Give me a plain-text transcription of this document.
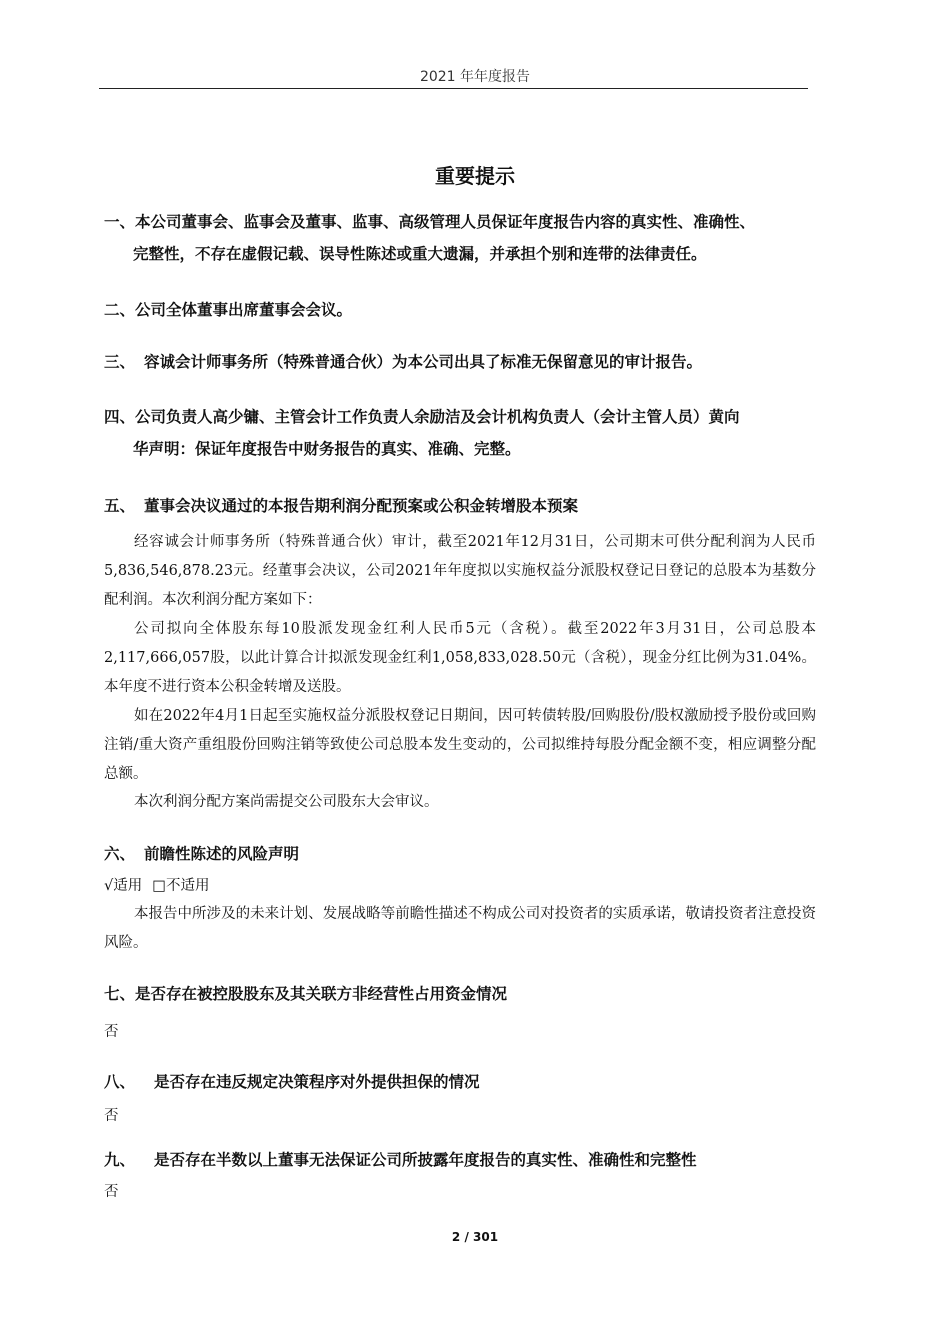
2021 年年度报告
重要提示
一、本公司董事会、监事会及董事、监事、高级管理人员保证年度报告内容的真实性、准确性、
完整性，不存在虚假记载、误导性陈述或重大遗漏，并承担个别和连带的法律责任。
二、公司全体董事出席董事会会议。
三、 容诚会计师事务所（特殊普通合伙）为本公司出具了标准无保留意见的审计报告。
四、公司负责人高少镛、主管会计工作负责人余励洁及会计机构负责人（会计主管人员）黄向
华声明：保证年度报告中财务报告的真实、准确、完整。
五、 董事会决议通过的本报告期利润分配预案或公积金转增股本预案
经容诚会计师事务所（特殊普通合伙）审计，截至2021年12月31日，公司期末可供分配利润为人民币5,836,546,878.23元。经董事会决议，公司2021年年度拟以实施权益分派股权登记日登记的总股本为基数分配利润。本次利润分配方案如下：
公司拟向全体股东每10股派发现金红利人民币5元（含税）。截至2022年3月31日，公司总股本2,117,666,057股，以此计算合计拟派发现金红利1,058,833,028.50元（含税），现金分红比例为31.04%。本年度不进行资本公积金转增及送股。
如在2022年4月1日起至实施权益分派股权登记日期间，因可转债转股/回购股份/股权激励授予股份或回购注销/重大资产重组股份回购注销等致使公司总股本发生变动的，公司拟维持每股分配金额不变，相应调整分配总额。
本次利润分配方案尚需提交公司股东大会审议。
六、 前瞻性陈述的风险声明
√适用 □不适用
本报告中所涉及的未来计划、发展战略等前瞻性描述不构成公司对投资者的实质承诺，敬请投资者注意投资风险。
七、是否存在被控股股东及其关联方非经营性占用资金情况
否
八、 是否存在违反规定决策程序对外提供担保的情况
否
九、 是否存在半数以上董事无法保证公司所披露年度报告的真实性、准确性和完整性
否
2 / 301
